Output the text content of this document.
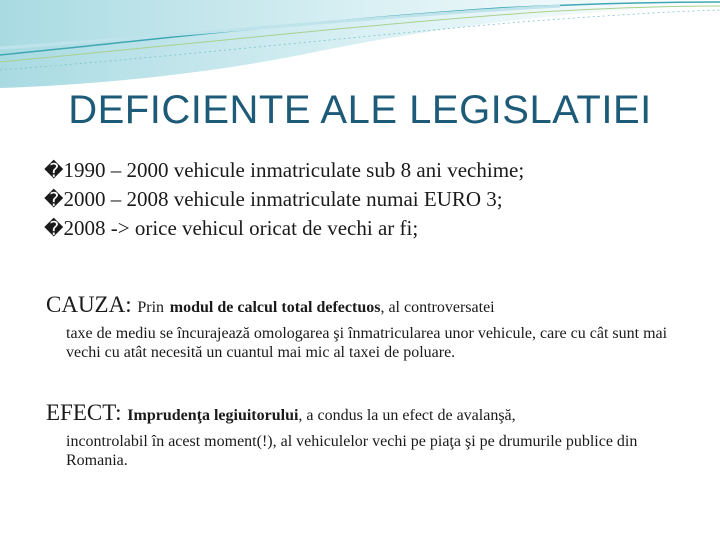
DEFICIENTE ALE LEGISLATIEI
�1990 – 2000 vehicule inmatriculate sub 8 ani vechime;
�2000 – 2008 vehicule inmatriculate numai EURO 3;
�2008 -> orice vehicul oricat de vechi ar fi;
CAUZA: Prin modul de calcul total defectuos, al controversatei
taxe de mediu se încurajează omologarea şi înmatricularea unor vehicule, care cu cât sunt mai vechi cu atât necesită un cuantul mai mic al taxei de poluare.
EFECT: Imprudenţa legiuitorului, a condus la un efect de avalanşă,
incontrolabil în acest moment(!), al vehiculelor vechi pe piaţa şi pe drumurile publice din Romania.
